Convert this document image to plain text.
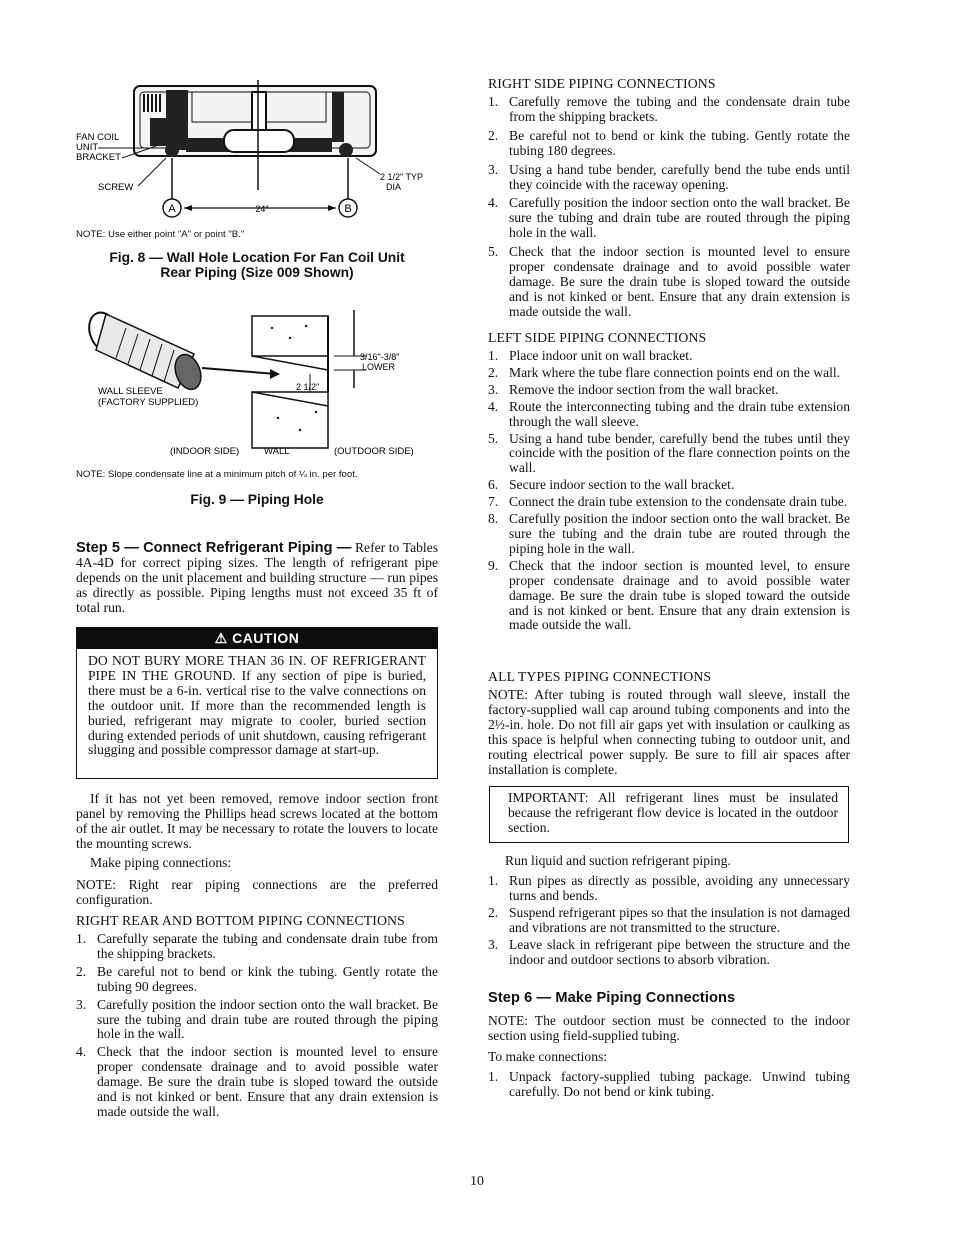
A	B
24"
FAN COIL
UNIT
BRACKET
SCREW
2 1/2" TYP
DIA

NOTE: Use either point "A" or point "B."

Fig. 8 — Wall Hole Location For Fan Coil Unit

Rear Piping (Size 009 Shown)

3/16"-3/8"
LOWER
2 1/2"
WALL SLEEVE
(FACTORY SUPPLIED)
(INDOOR SIDE)	WALL	(OUTDOOR SIDE)

NOTE: Slope condensate line at a minimum pitch of ¼ in. per foot.

Fig. 9 — Piping Hole

Step 5 — Connect Refrigerant Piping — Refer to Tables 4A-4D for correct piping sizes. The length of refrigerant pipe depends on the unit placement and building structure — run pipes as directly as possible. Piping lengths must not exceed 35 ft of total run.

⚠ CAUTION

DO NOT BURY MORE THAN 36 IN. OF REFRIGERANT PIPE IN THE GROUND. If any section of pipe is buried, there must be a 6-in. vertical rise to the valve connections on the outdoor unit. If more than the recommended length is buried, refrigerant may migrate to cooler, buried section during extended periods of unit shutdown, causing refrigerant slugging and possible compressor damage at start-up.

If it has not yet been removed, remove indoor section front panel by removing the Phillips head screws located at the bottom of the air outlet. It may be necessary to rotate the louvers to locate the mounting screws.

Make piping connections:

NOTE: Right rear piping connections are the preferred configuration.

RIGHT REAR AND BOTTOM PIPING CONNECTIONS

1. Carefully separate the tubing and condensate drain tube from the shipping brackets.
2. Be careful not to bend or kink the tubing. Gently rotate the tubing 90 degrees.
3. Carefully position the indoor section onto the wall bracket. Be sure the tubing and drain tube are routed through the piping hole in the wall.
4. Check that the indoor section is mounted level to ensure proper condensate drainage and to avoid possible water damage. Be sure the drain tube is sloped toward the outside and is not kinked or bent. Ensure that any drain extension is made outside the wall.

RIGHT SIDE PIPING CONNECTIONS

1. Carefully remove the tubing and the condensate drain tube from the shipping brackets.
2. Be careful not to bend or kink the tubing. Gently rotate the tubing 180 degrees.
3. Using a hand tube bender, carefully bend the tube ends until they coincide with the raceway opening.
4. Carefully position the indoor section onto the wall bracket. Be sure the tubing and drain tube are routed through the piping hole in the wall.
5. Check that the indoor section is mounted level to ensure proper condensate drainage and to avoid possible water damage. Be sure the drain tube is sloped toward the outside and is not kinked or bent. Ensure that any drain extension is made outside the wall.

LEFT SIDE PIPING CONNECTIONS

1. Place indoor unit on wall bracket.
2. Mark where the tube flare connection points end on the wall.
3. Remove the indoor section from the wall bracket.
4. Route the interconnecting tubing and the drain tube extension through the wall sleeve.
5. Using a hand tube bender, carefully bend the tubes until they coincide with the position of the flare connection points on the wall.
6. Secure indoor section to the wall bracket.
7. Connect the drain tube extension to the condensate drain tube.
8. Carefully position the indoor section onto the wall bracket. Be sure the tubing and the drain tube are routed through the piping hole in the wall.
9. Check that the indoor section is mounted level, to ensure proper condensate drainage and to avoid possible water damage. Be sure the drain tube is sloped toward the outside and is not kinked or bent. Ensure that any drain extension is made outside the wall.

ALL TYPES PIPING CONNECTIONS

NOTE: After tubing is routed through wall sleeve, install the factory-supplied wall cap around tubing components and into the 2½-in. hole. Do not fill air gaps yet with insulation or caulking as this space is helpful when connecting tubing to outdoor unit, and routing electrical power supply. Be sure to fill air spaces after installation is complete.

IMPORTANT: All refrigerant lines must be insulated because the refrigerant flow device is located in the outdoor section.

Run liquid and suction refrigerant piping.

1. Run pipes as directly as possible, avoiding any unnecessary turns and bends.
2. Suspend refrigerant pipes so that the insulation is not damaged and vibrations are not transmitted to the structure.
3. Leave slack in refrigerant pipe between the structure and the indoor and outdoor sections to absorb vibration.

Step 6 — Make Piping Connections

NOTE: The outdoor section must be connected to the indoor section using field-supplied tubing.

To make connections:

1. Unpack factory-supplied tubing package. Unwind tubing carefully. Do not bend or kink tubing.
10
